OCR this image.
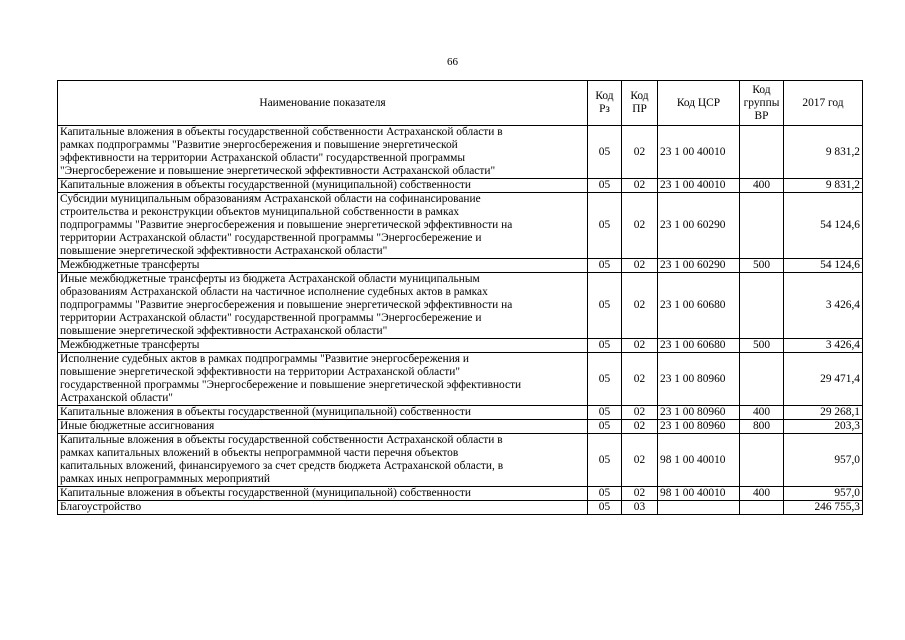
66
Наименование показателя	Код Рз	Код ПР	Код ЦСР	Код группы ВР	2017 год
Капитальные вложения в объекты государственной собственности Астраханской области в
рамках подпрограммы "Развитие энергосбережения и повышение энергетической
эффективности на территории Астраханской области" государственной программы
"Энергосбережение и повышение энергетической эффективности Астраханской области"	05	02	23 1 00 40010		9 831,2
Капитальные вложения в объекты государственной (муниципальной) собственности	05	02	23 1 00 40010	400	9 831,2
Субсидии муниципальным образованиям Астраханской области на софинансирование
строительства и реконструкции объектов муниципальной собственности в рамках
подпрограммы "Развитие энергосбережения и повышение энергетической эффективности на
территории Астраханской области" государственной программы "Энергосбережение и
повышение энергетической эффективности Астраханской области"	05	02	23 1 00 60290		54 124,6
Межбюджетные трансферты	05	02	23 1 00 60290	500	54 124,6
Иные межбюджетные трансферты из бюджета Астраханской области муниципальным
образованиям Астраханской области на частичное исполнение судебных актов в рамках
подпрограммы "Развитие энергосбережения и повышение энергетической эффективности на
территории Астраханской области" государственной программы "Энергосбережение и
повышение энергетической эффективности Астраханской области"	05	02	23 1 00 60680		3 426,4
Межбюджетные трансферты	05	02	23 1 00 60680	500	3 426,4
Исполнение судебных актов в рамках подпрограммы "Развитие энергосбережения и
повышение энергетической эффективности на территории Астраханской области"
государственной программы "Энергосбережение и повышение энергетической эффективности
Астраханской области"	05	02	23 1 00 80960		29 471,4
Капитальные вложения в объекты государственной (муниципальной) собственности	05	02	23 1 00 80960	400	29 268,1
Иные бюджетные ассигнования	05	02	23 1 00 80960	800	203,3
Капитальные вложения в объекты государственной собственности Астраханской области в
рамках капитальных вложений в объекты непрограммной части перечня объектов
капитальных вложений, финансируемого за счет средств бюджета Астраханской области, в
рамках иных непрограммных мероприятий	05	02	98 1 00 40010		957,0
Капитальные вложения в объекты государственной (муниципальной) собственности	05	02	98 1 00 40010	400	957,0
Благоустройство	05	03			246 755,3
